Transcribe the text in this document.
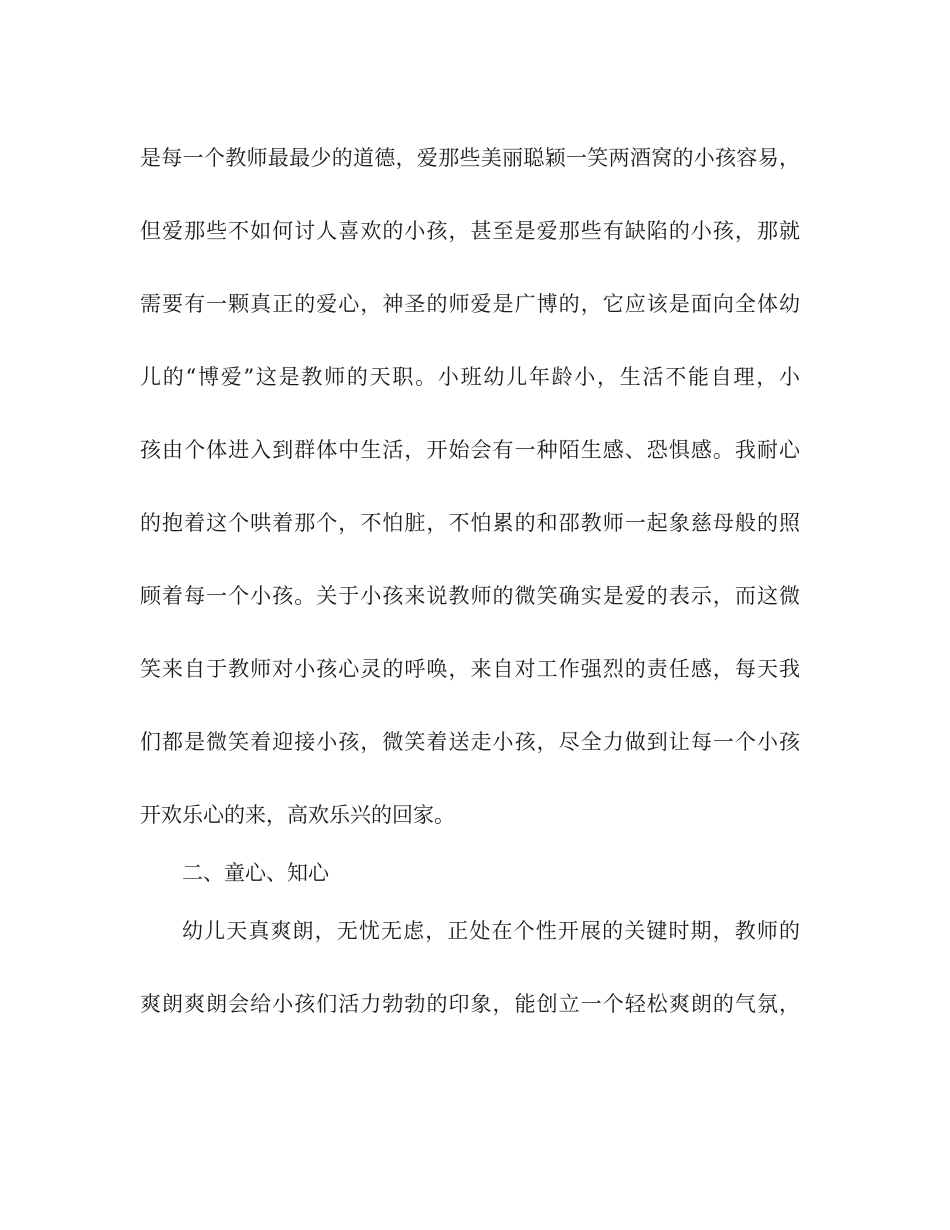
是每一个教师最最少的道德，爱那些美丽聪颖一笑两酒窝的小孩容易，
但爱那些不如何讨人喜欢的小孩，甚至是爱那些有缺陷的小孩，那就
需要有一颗真正的爱心，神圣的师爱是广博的，它应该是面向全体幼
儿的“博爱”这是教师的天职。小班幼儿年龄小，生活不能自理，小
孩由个体进入到群体中生活，开始会有一种陌生感、恐惧感。我耐心
的抱着这个哄着那个，不怕脏，不怕累的和邵教师一起象慈母般的照
顾着每一个小孩。关于小孩来说教师的微笑确实是爱的表示，而这微
笑来自于教师对小孩心灵的呼唤，来自对工作强烈的责任感，每天我
们都是微笑着迎接小孩，微笑着送走小孩，尽全力做到让每一个小孩
开欢乐心的来，高欢乐兴的回家。
二、童心、知心
幼儿天真爽朗，无忧无虑，正处在个性开展的关键时期，教师的
爽朗爽朗会给小孩们活力勃勃的印象，能创立一个轻松爽朗的气氛，
